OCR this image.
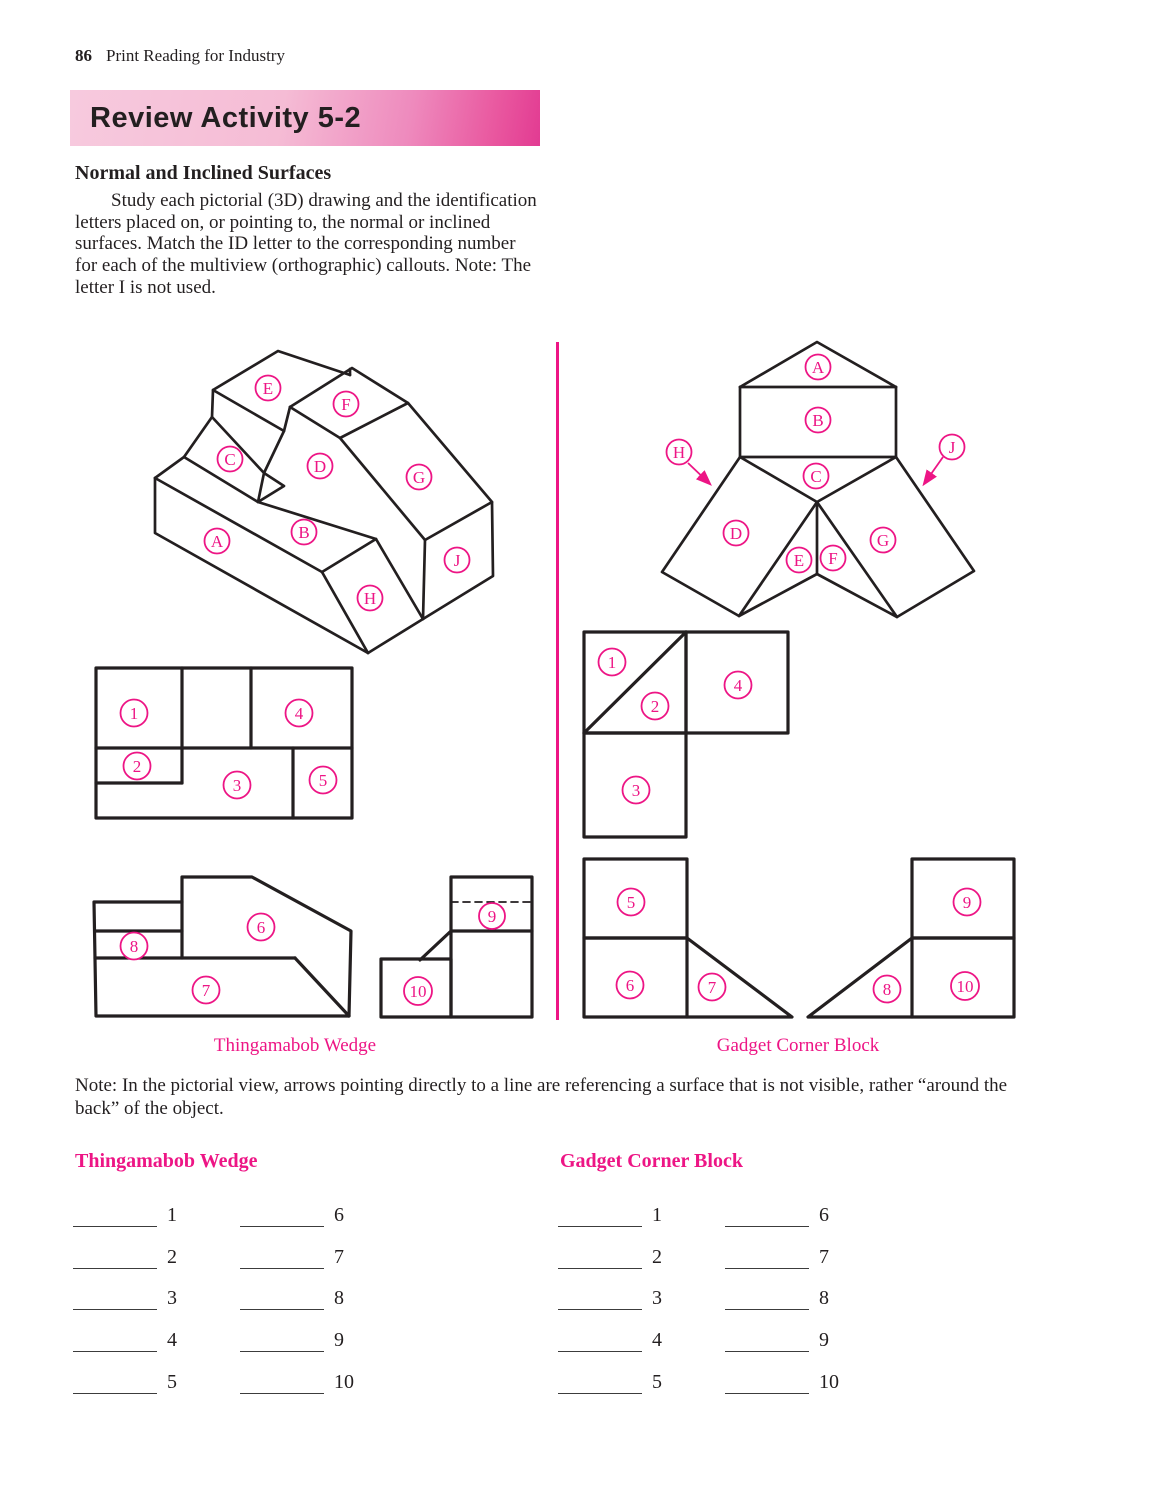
86 Print Reading for Industry
Review Activity 5-2
Normal and Inclined Surfaces
Study each pictorial (3D) drawing and the identification letters placed on, or pointing to, the normal or inclined surfaces. Match the ID letter to the corresponding number for each of the multiview (orthographic) callouts. Note: The letter I is not used.
E
F
C	D
G
A	B
J
H
1
2
3
4
5
6
8
7
9
10
A
B
C
H	J
D	G
E F
1
2
4
3
5
6	7
9
8	10
Thingamabob Wedge	Gadget Corner Block
Note: In the pictorial view, arrows pointing directly to a line are referencing a surface that is not visible, rather “around the back” of the object.
Thingamabob Wedge	Gadget Corner Block
1
2
3
4
5
6
7
8
9
10
1
2
3
4
5
6
7
8
9
10
